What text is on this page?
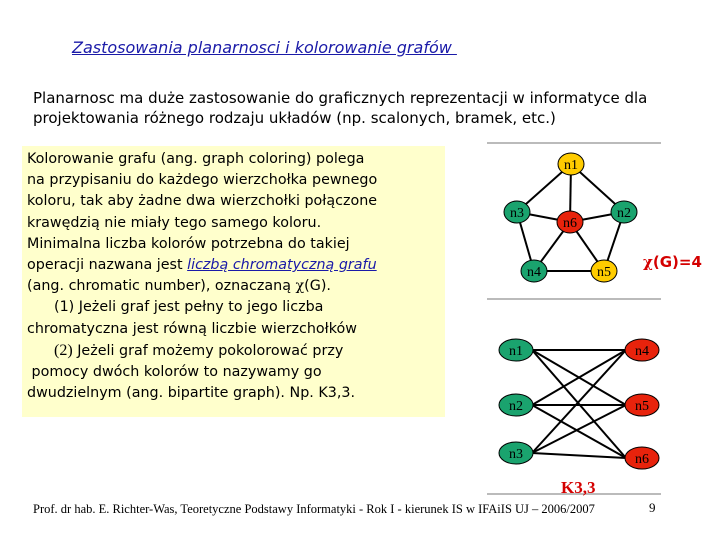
Zastosowania planarnosci i kolorowanie grafów
Planarnosc ma duże zastosowanie do graficznych reprezentacji w informatyce dla projektowania różnego rodzaju układów (np. scalonych, bramek, etc.)
Kolorowanie grafu (ang. graph coloring) polega
na przypisaniu do każdego wierzchołka pewnego
koloru, tak aby żadne dwa wierzchołki połączone
krawędzią nie miały tego samego koloru.
Minimalna liczba kolorów potrzebna do takiej
operacji nazwana jest liczbą chromatyczną grafu
(ang. chromatic number), oznaczaną χ(G).
(1) Jeżeli graf jest pełny to jego liczba
chromatyczna jest równą liczbie wierzchołków
(2) Jeżeli graf możemy pokolorować przy
pomocy dwóch kolorów to nazywamy go
dwudzielnym (ang. bipartite graph). Np. K3,3.
n1
n2
n3
n4	n5
n6
n1
n2
n3
n4
n5
n6
χ(G)=4
K3,3
Prof. dr hab. E. Richter-Was, Teoretyczne Podstawy Informatyki - Rok I - kierunek IS w IFAiIS UJ – 2006/2007	9
